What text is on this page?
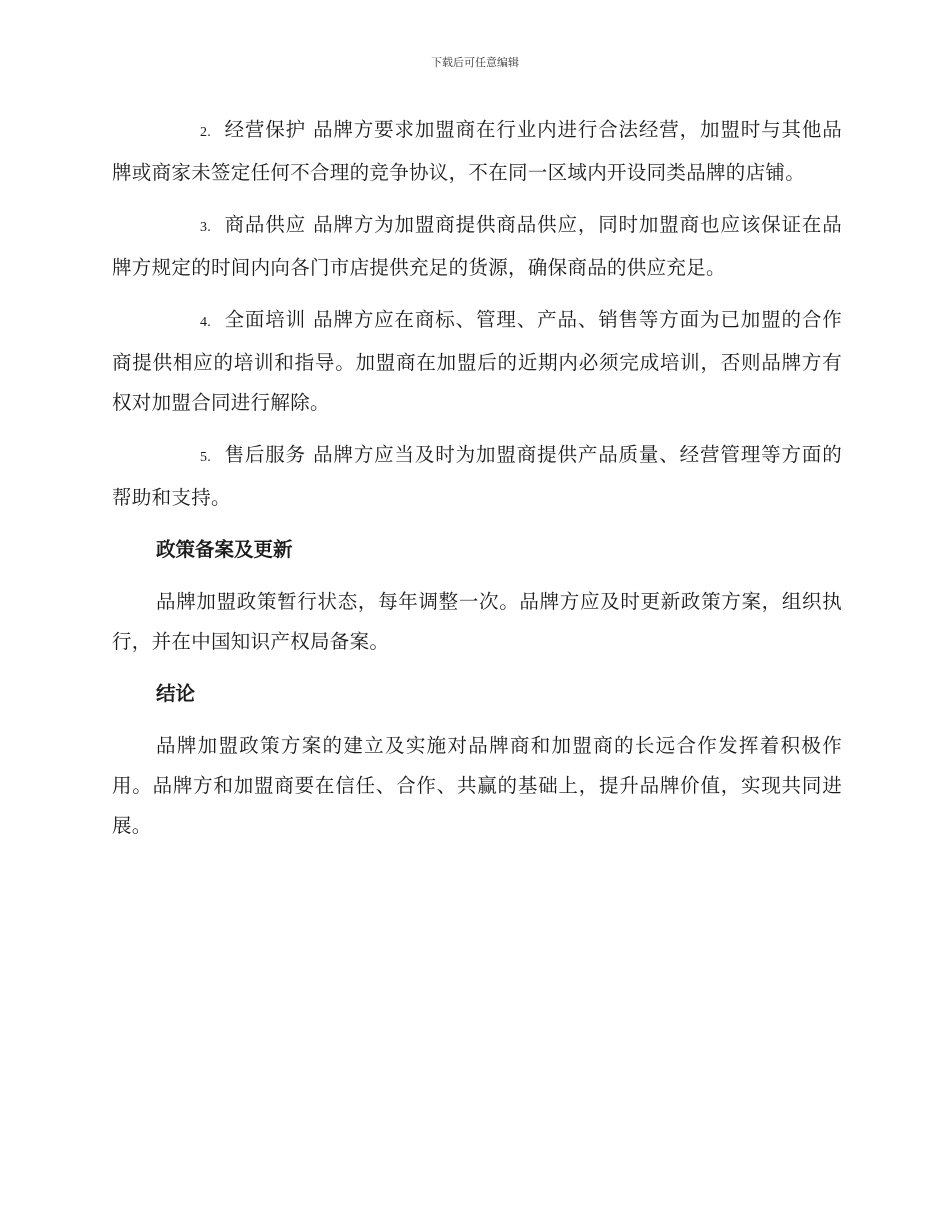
下载后可任意编辑

2. 经营保护 品牌方要求加盟商在行业内进行合法经营，加盟时与其他品牌或商家未签定任何不合理的竞争协议，不在同一区域内开设同类品牌的店铺。

3. 商品供应 品牌方为加盟商提供商品供应，同时加盟商也应该保证在品牌方规定的时间内向各门市店提供充足的货源，确保商品的供应充足。

4. 全面培训 品牌方应在商标、管理、产品、销售等方面为已加盟的合作商提供相应的培训和指导。加盟商在加盟后的近期内必须完成培训，否则品牌方有权对加盟合同进行解除。

5. 售后服务 品牌方应当及时为加盟商提供产品质量、经营管理等方面的帮助和支持。

政策备案及更新

品牌加盟政策暂行状态，每年调整一次。品牌方应及时更新政策方案，组织执行，并在中国知识产权局备案。

结论

品牌加盟政策方案的建立及实施对品牌商和加盟商的长远合作发挥着积极作用。品牌方和加盟商要在信任、合作、共赢的基础上，提升品牌价值，实现共同进展。
